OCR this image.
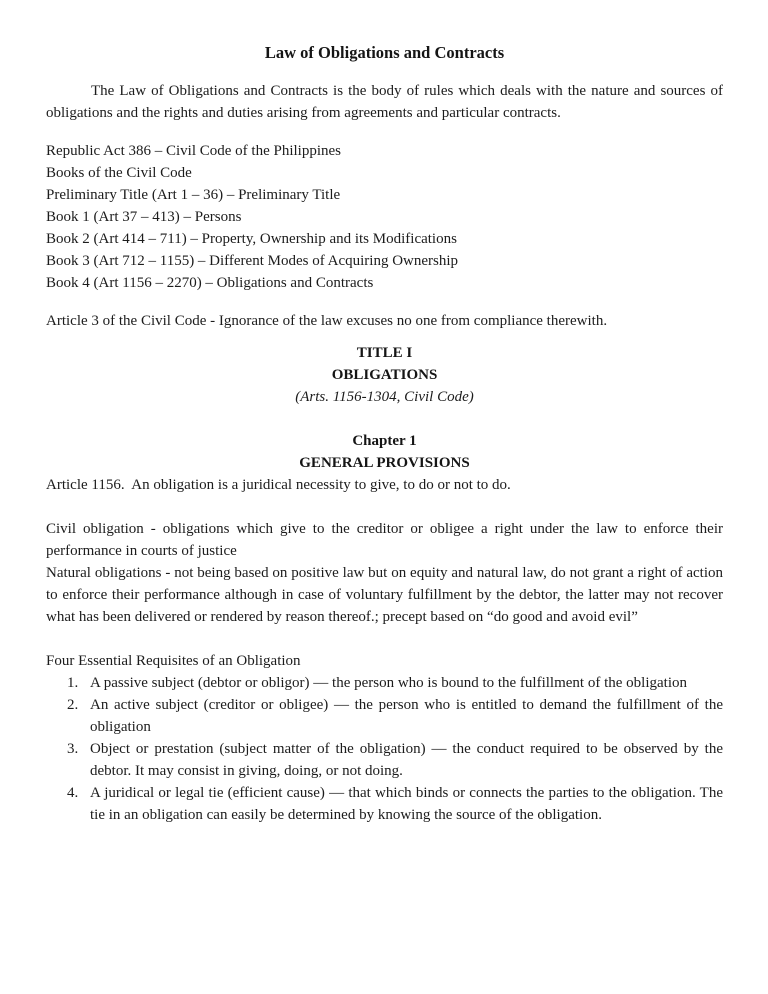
Law of Obligations and Contracts

The Law of Obligations and Contracts is the body of rules which deals with the nature and sources of obligations and the rights and duties arising from agreements and particular contracts.

Republic Act 386 – Civil Code of the Philippines
Books of the Civil Code
Preliminary Title (Art 1 – 36) – Preliminary Title
Book 1 (Art 37 – 413) – Persons
Book 2 (Art 414 – 711) – Property, Ownership and its Modifications
Book 3 (Art 712 – 1155) – Different Modes of Acquiring Ownership
Book 4 (Art 1156 – 2270) – Obligations and Contracts

Article 3 of the Civil Code - Ignorance of the law excuses no one from compliance therewith.

TITLE I
OBLIGATIONS
(Arts. 1156-1304, Civil Code)
Chapter 1
GENERAL PROVISIONS

Article 1156.  An obligation is a juridical necessity to give, to do or not to do.

Civil obligation - obligations which give to the creditor or obligee a right under the law to enforce their performance in courts of justice
Natural obligations - not being based on positive law but on equity and natural law, do not grant a right of action to enforce their performance although in case of voluntary fulfillment by the debtor, the latter may not recover what has been delivered or rendered by reason thereof.; precept based on “do good and avoid evil”
Four Essential Requisites of an Obligation
A passive subject (debtor or obligor) — the person who is bound to the fulfillment of the obligation
An active subject (creditor or obligee) — the person who is entitled to demand the fulfillment of the obligation
Object or prestation (subject matter of the obligation) — the conduct required to be observed by the debtor. It may consist in giving, doing, or not doing.
A juridical or legal tie (efficient cause) — that which binds or connects the parties to the obligation. The tie in an obligation can easily be determined by knowing the source of the obligation.
